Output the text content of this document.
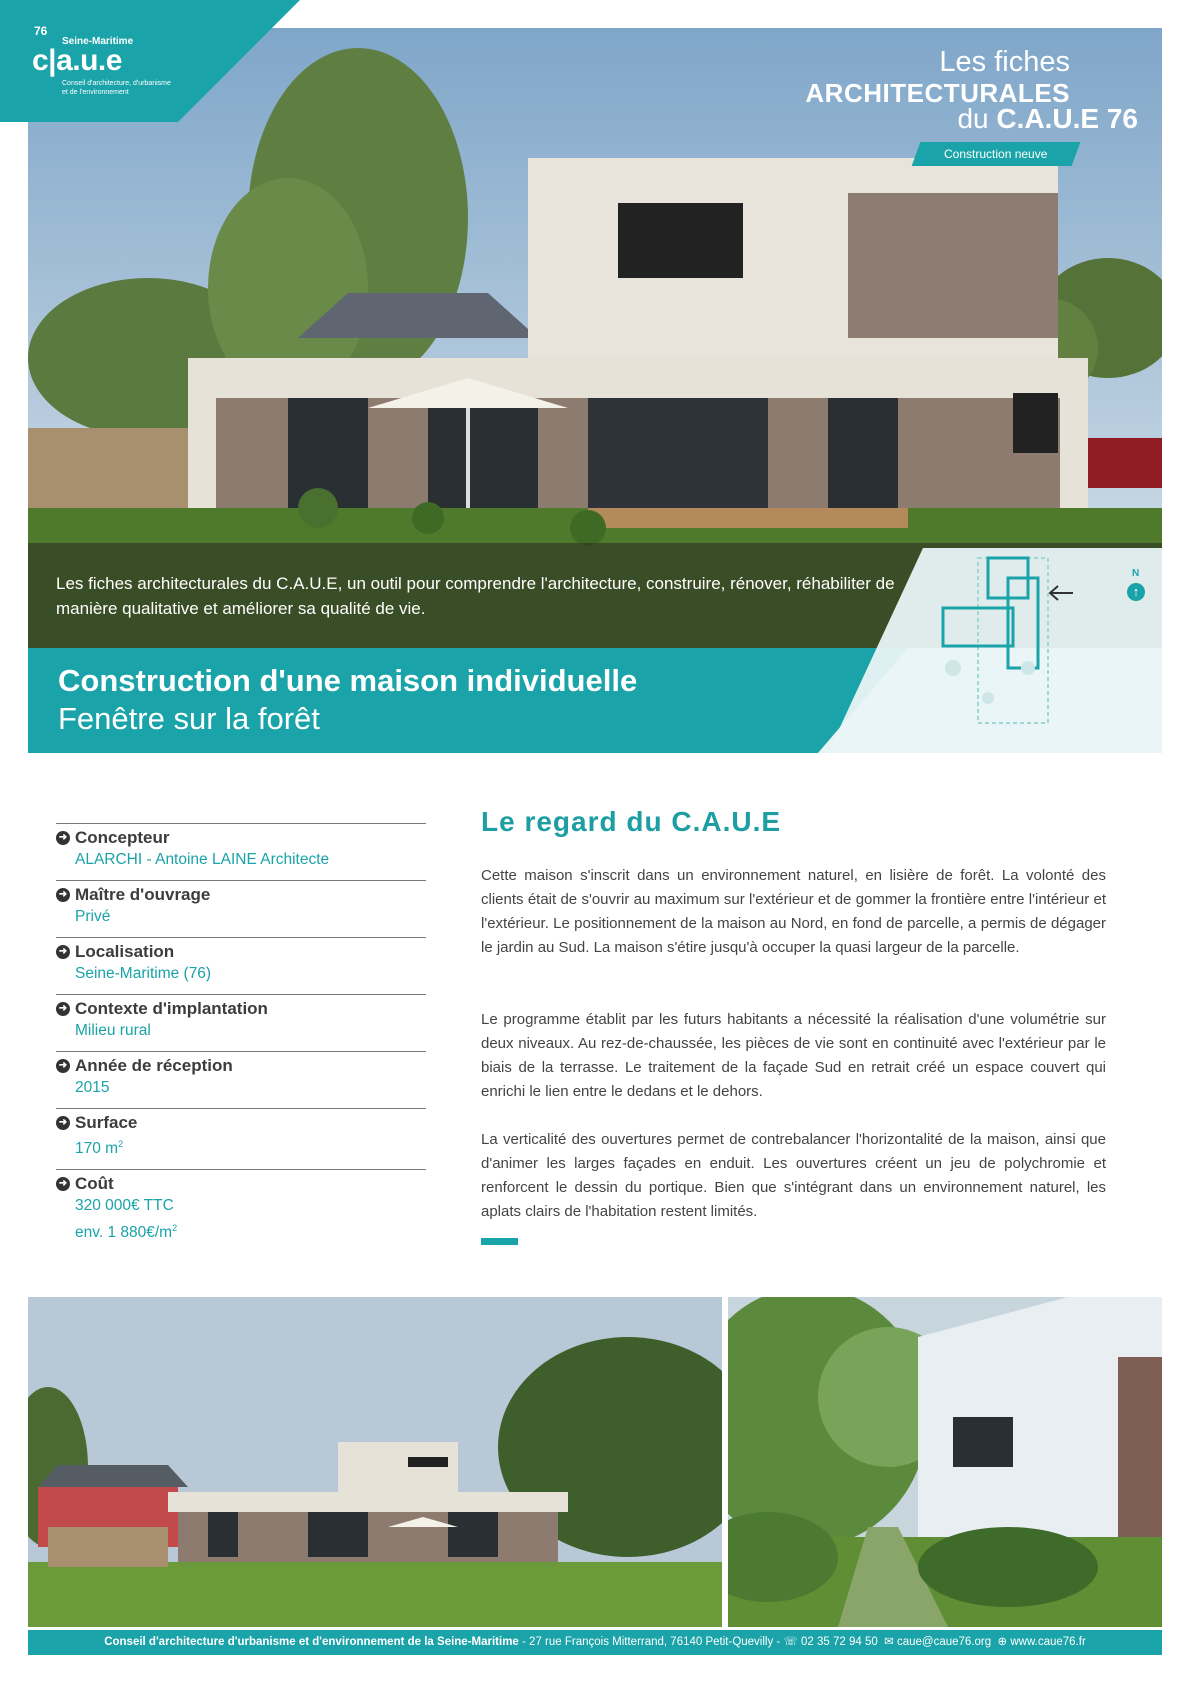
Les fiches architecturales du C.A.U.E, un outil pour comprendre l'architecture, construire, rénover, réhabiliter de manière qualitative et améliorer sa qualité de vie.
Construction d'une maison individuelle
Fenêtre sur la forêt
N
↑
Les fiches
ARCHITECTURALES
du C.A.U.E 76
Construction neuve
76
Seine-Maritime
c|a.u.e
Conseil d'architecture, d'urbanisme
et de l'environnement
➜ Concepteur
ALARCHI - Antoine LAINE Architecte
➜ Maître d'ouvrage
Privé
➜ Localisation
Seine-Maritime (76)
➜ Contexte d'implantation
Milieu rural
➜ Année de réception
2015
➜ Surface
170 $m^2$
➜ Coût
320 000€ TTC
env. 1 $880€/m^2$
Le regard du C.A.U.E
Cette maison s'inscrit dans un environnement naturel, en lisière de forêt. La volonté des clients était de s'ouvrir au maximum sur l'extérieur et de gommer la frontière entre l'intérieur et l'extérieur. Le positionnement de la maison au Nord, en fond de parcelle, a permis de dégager le jardin au Sud. La maison s'étire jusqu'à occuper la quasi largeur de la parcelle.
Le programme établit par les futurs habitants a nécessité la réalisation d'une volumétrie sur deux niveaux. Au rez-de-chaussée, les pièces de vie sont en continuité avec l'extérieur par le biais de la terrasse. Le traitement de la façade Sud en retrait créé un espace couvert qui enrichi le lien entre le dedans et le dehors.
La verticalité des ouvertures permet de contrebalancer l'horizontalité de la maison, ainsi que d'animer les larges façades en enduit. Les ouvertures créent un jeu de polychromie et renforcent le dessin du portique. Bien que s'intégrant dans un environnement naturel, les aplats clairs de l'habitation restent limités.
Conseil d'architecture d'urbanisme et d'environnement de la Seine-Maritime - 27 rue François Mitterrand, 76140 Petit-Quevilly - ☏ 02 35 72 94 50 ✉ caue@caue76.org ⊕ www.caue76.fr
